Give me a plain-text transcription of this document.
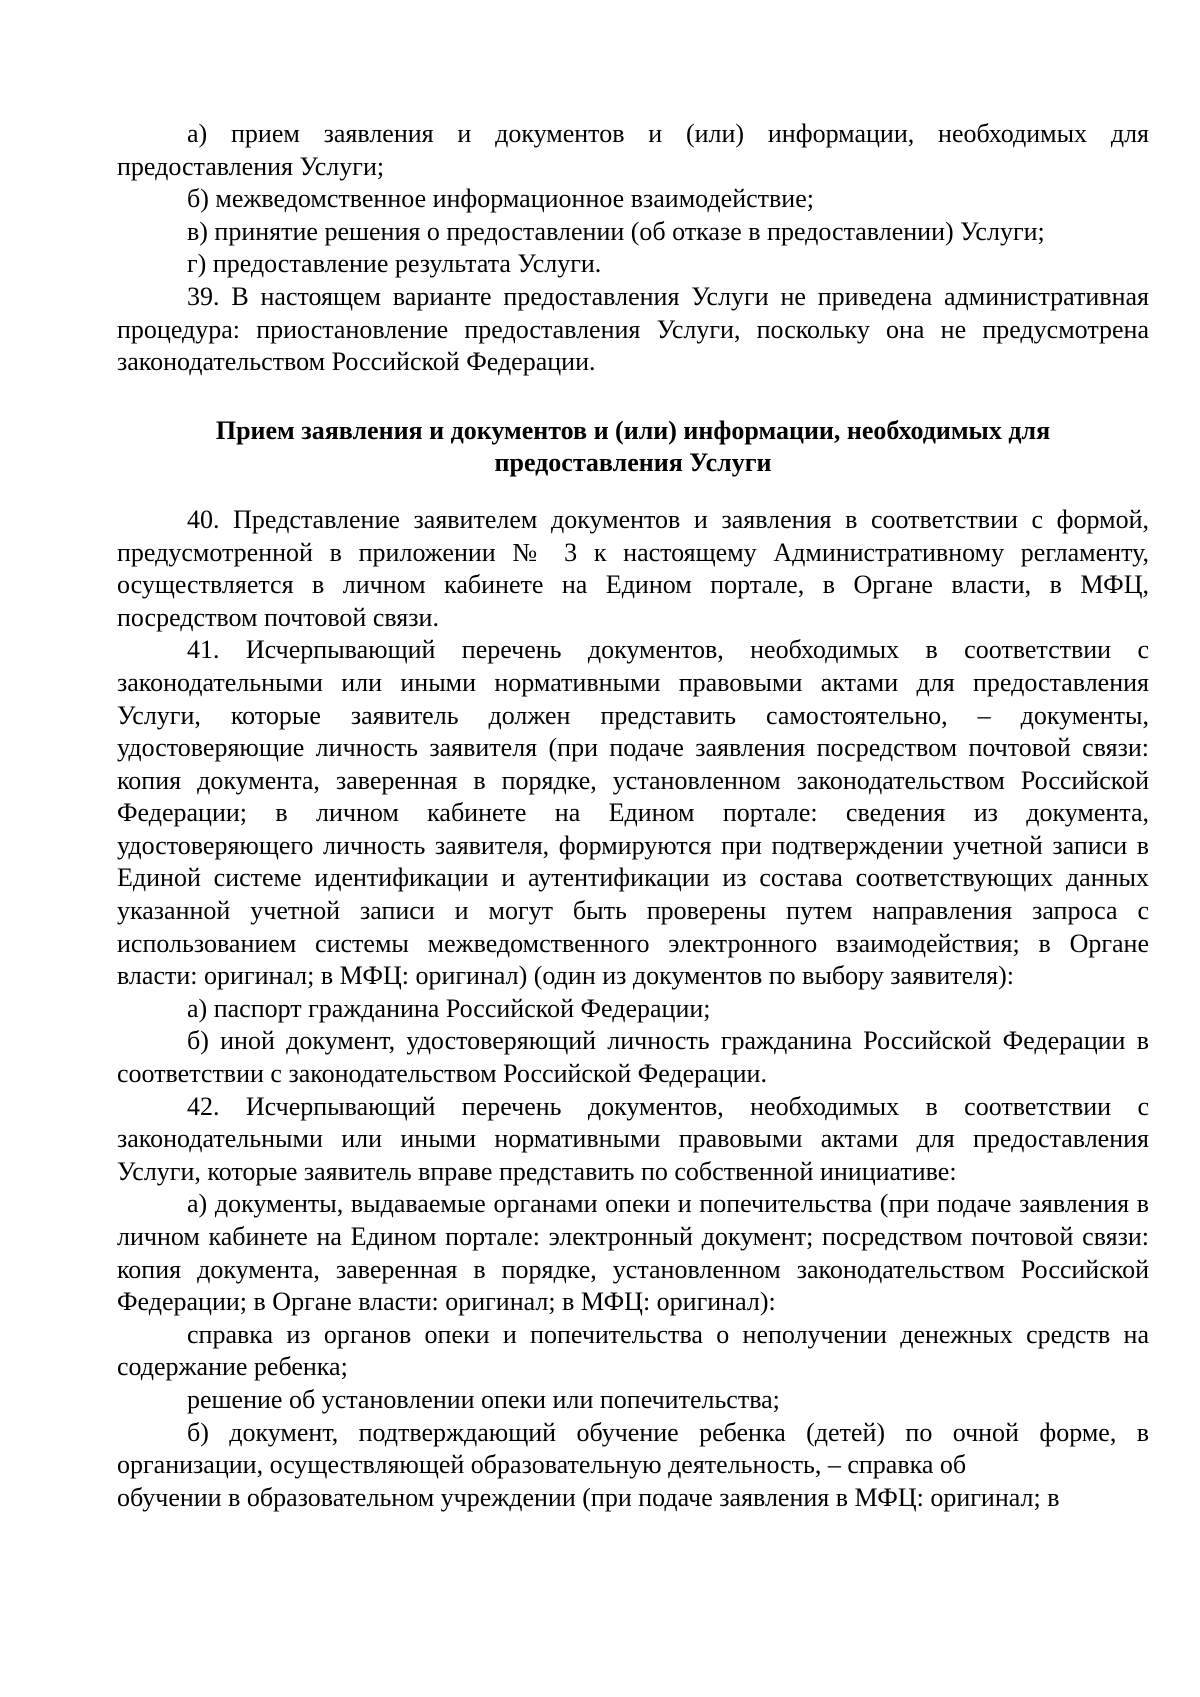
а) прием заявления и документов и (или) информации, необходимых для предоставления Услуги;

б) межведомственное информационное взаимодействие;

в) принятие решения о предоставлении (об отказе в предоставлении) Услуги;

г) предоставление результата Услуги.

39. В настоящем варианте предоставления Услуги не приведена административная процедура: приостановление предоставления Услуги, поскольку она не предусмотрена законодательством Российской Федерации.

Прием заявления и документов и (или) информации, необходимых для
предоставления Услуги

40. Представление заявителем документов и заявления в соответствии с формой, предусмотренной в приложении № 3 к настоящему Административному регламенту, осуществляется в личном кабинете на Едином портале, в Органе власти, в МФЦ, посредством почтовой связи.

41. Исчерпывающий перечень документов, необходимых в соответствии с законодательными или иными нормативными правовыми актами для предоставления Услуги, которые заявитель должен представить самостоятельно, – документы, удостоверяющие личность заявителя (при подаче заявления посредством почтовой связи: копия документа, заверенная в порядке, установленном законодательством Российской Федерации; в личном кабинете на Едином портале: сведения из документа, удостоверяющего личность заявителя, формируются при подтверждении учетной записи в Единой системе идентификации и аутентификации из состава соответствующих данных указанной учетной записи и могут быть проверены путем направления запроса с использованием системы межведомственного электронного взаимодействия; в Органе власти: оригинал; в МФЦ: оригинал) (один из документов по выбору заявителя):

а) паспорт гражданина Российской Федерации;

б) иной документ, удостоверяющий личность гражданина Российской Федерации в соответствии с законодательством Российской Федерации.

42. Исчерпывающий перечень документов, необходимых в соответствии с законодательными или иными нормативными правовыми актами для предоставления Услуги, которые заявитель вправе представить по собственной инициативе:

а) документы, выдаваемые органами опеки и попечительства (при подаче заявления в личном кабинете на Едином портале: электронный документ; посредством почтовой связи: копия документа, заверенная в порядке, установленном законодательством Российской Федерации; в Органе власти: оригинал; в МФЦ: оригинал):

справка из органов опеки и попечительства о неполучении денежных средств на содержание ребенка;

решение об установлении опеки или попечительства;

б) документ, подтверждающий обучение ребенка (детей) по очной форме, в организации, осуществляющей образовательную деятельность, – справка об

обучении в образовательном учреждении (при подаче заявления в МФЦ: оригинал; в
